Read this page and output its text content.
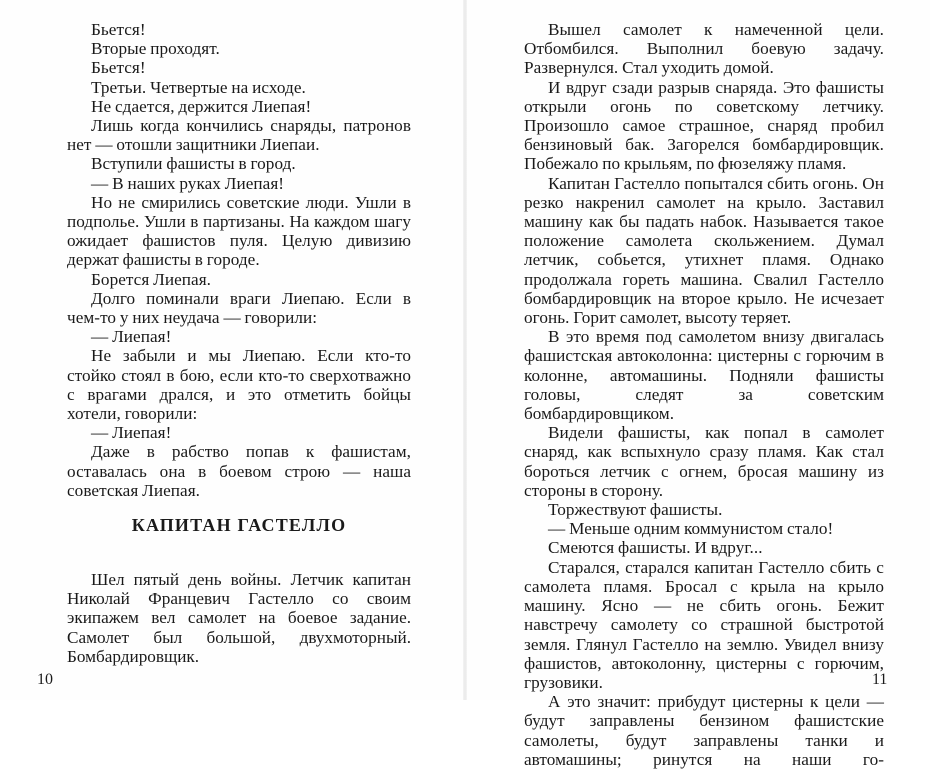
Бьется!

Вторые проходят.

Бьется!

Третьи. Четвертые на исходе.

Не сдается, держится Лиепая!

Лишь когда кончились снаряды, патронов нет — отошли защитники Лиепаи.

Вступили фашисты в город.

— В наших руках Лиепая!

Но не смирились советские люди. Ушли в подполье. Ушли в партизаны. На каждом шагу ожидает фашистов пуля. Целую дивизию держат фашисты в городе.

Борется Лиепая.

Долго поминали враги Лиепаю. Если в чем-то у них неудача — говорили:

— Лиепая!

Не забыли и мы Лиепаю. Если кто-то стойко стоял в бою, если кто-то сверхотважно с врагами дрался, и это отметить бойцы хотели, говорили:

— Лиепая!

Даже в рабство попав к фашистам, оставалась она в боевом строю — наша советская Лиепая.

КАПИТАН ГАСТЕЛЛО

Шел пятый день войны. Летчик капитан Николай Францевич Гастелло со своим экипажем вел самолет на боевое задание. Самолет был большой, двухмоторный. Бомбардировщик.

10

Вышел самолет к намеченной цели. Отбомбился. Выполнил боевую задачу. Развернулся. Стал уходить домой.

И вдруг сзади разрыв снаряда. Это фашисты открыли огонь по советскому летчику. Произошло самое страшное, снаряд пробил бензиновый бак. Загорелся бомбардировщик. Побежало по крыльям, по фюзеляжу пламя.

Капитан Гастелло попытался сбить огонь. Он резко накренил самолет на крыло. Заставил машину как бы падать набок. Называется такое положение самолета скольжением. Думал летчик, собьется, утихнет пламя. Однако продолжала гореть машина. Свалил Гастелло бомбардировщик на второе крыло. Не исчезает огонь. Горит самолет, высоту теряет.

В это время под самолетом внизу двигалась фашистская автоколонна: цистерны с горючим в колонне, автомашины. Подняли фашисты головы, следят за советским бомбардировщиком.

Видели фашисты, как попал в самолет снаряд, как вспыхнуло сразу пламя. Как стал бороться летчик с огнем, бросая машину из стороны в сторону.

Торжествуют фашисты.

— Меньше одним коммунистом стало!

Смеются фашисты. И вдруг...

Старался, старался капитан Гастелло сбить с самолета пламя. Бросал с крыла на крыло машину. Ясно — не сбить огонь. Бежит навстречу самолету со страшной быстротой земля. Глянул Гастелло на землю. Увидел внизу фашистов, автоколонну, цистерны с горючим, грузовики.

А это значит: прибудут цистерны к цели — будут заправлены бензином фашистские самолеты, будут заправлены танки и автомашины; ринутся на наши го-

11
